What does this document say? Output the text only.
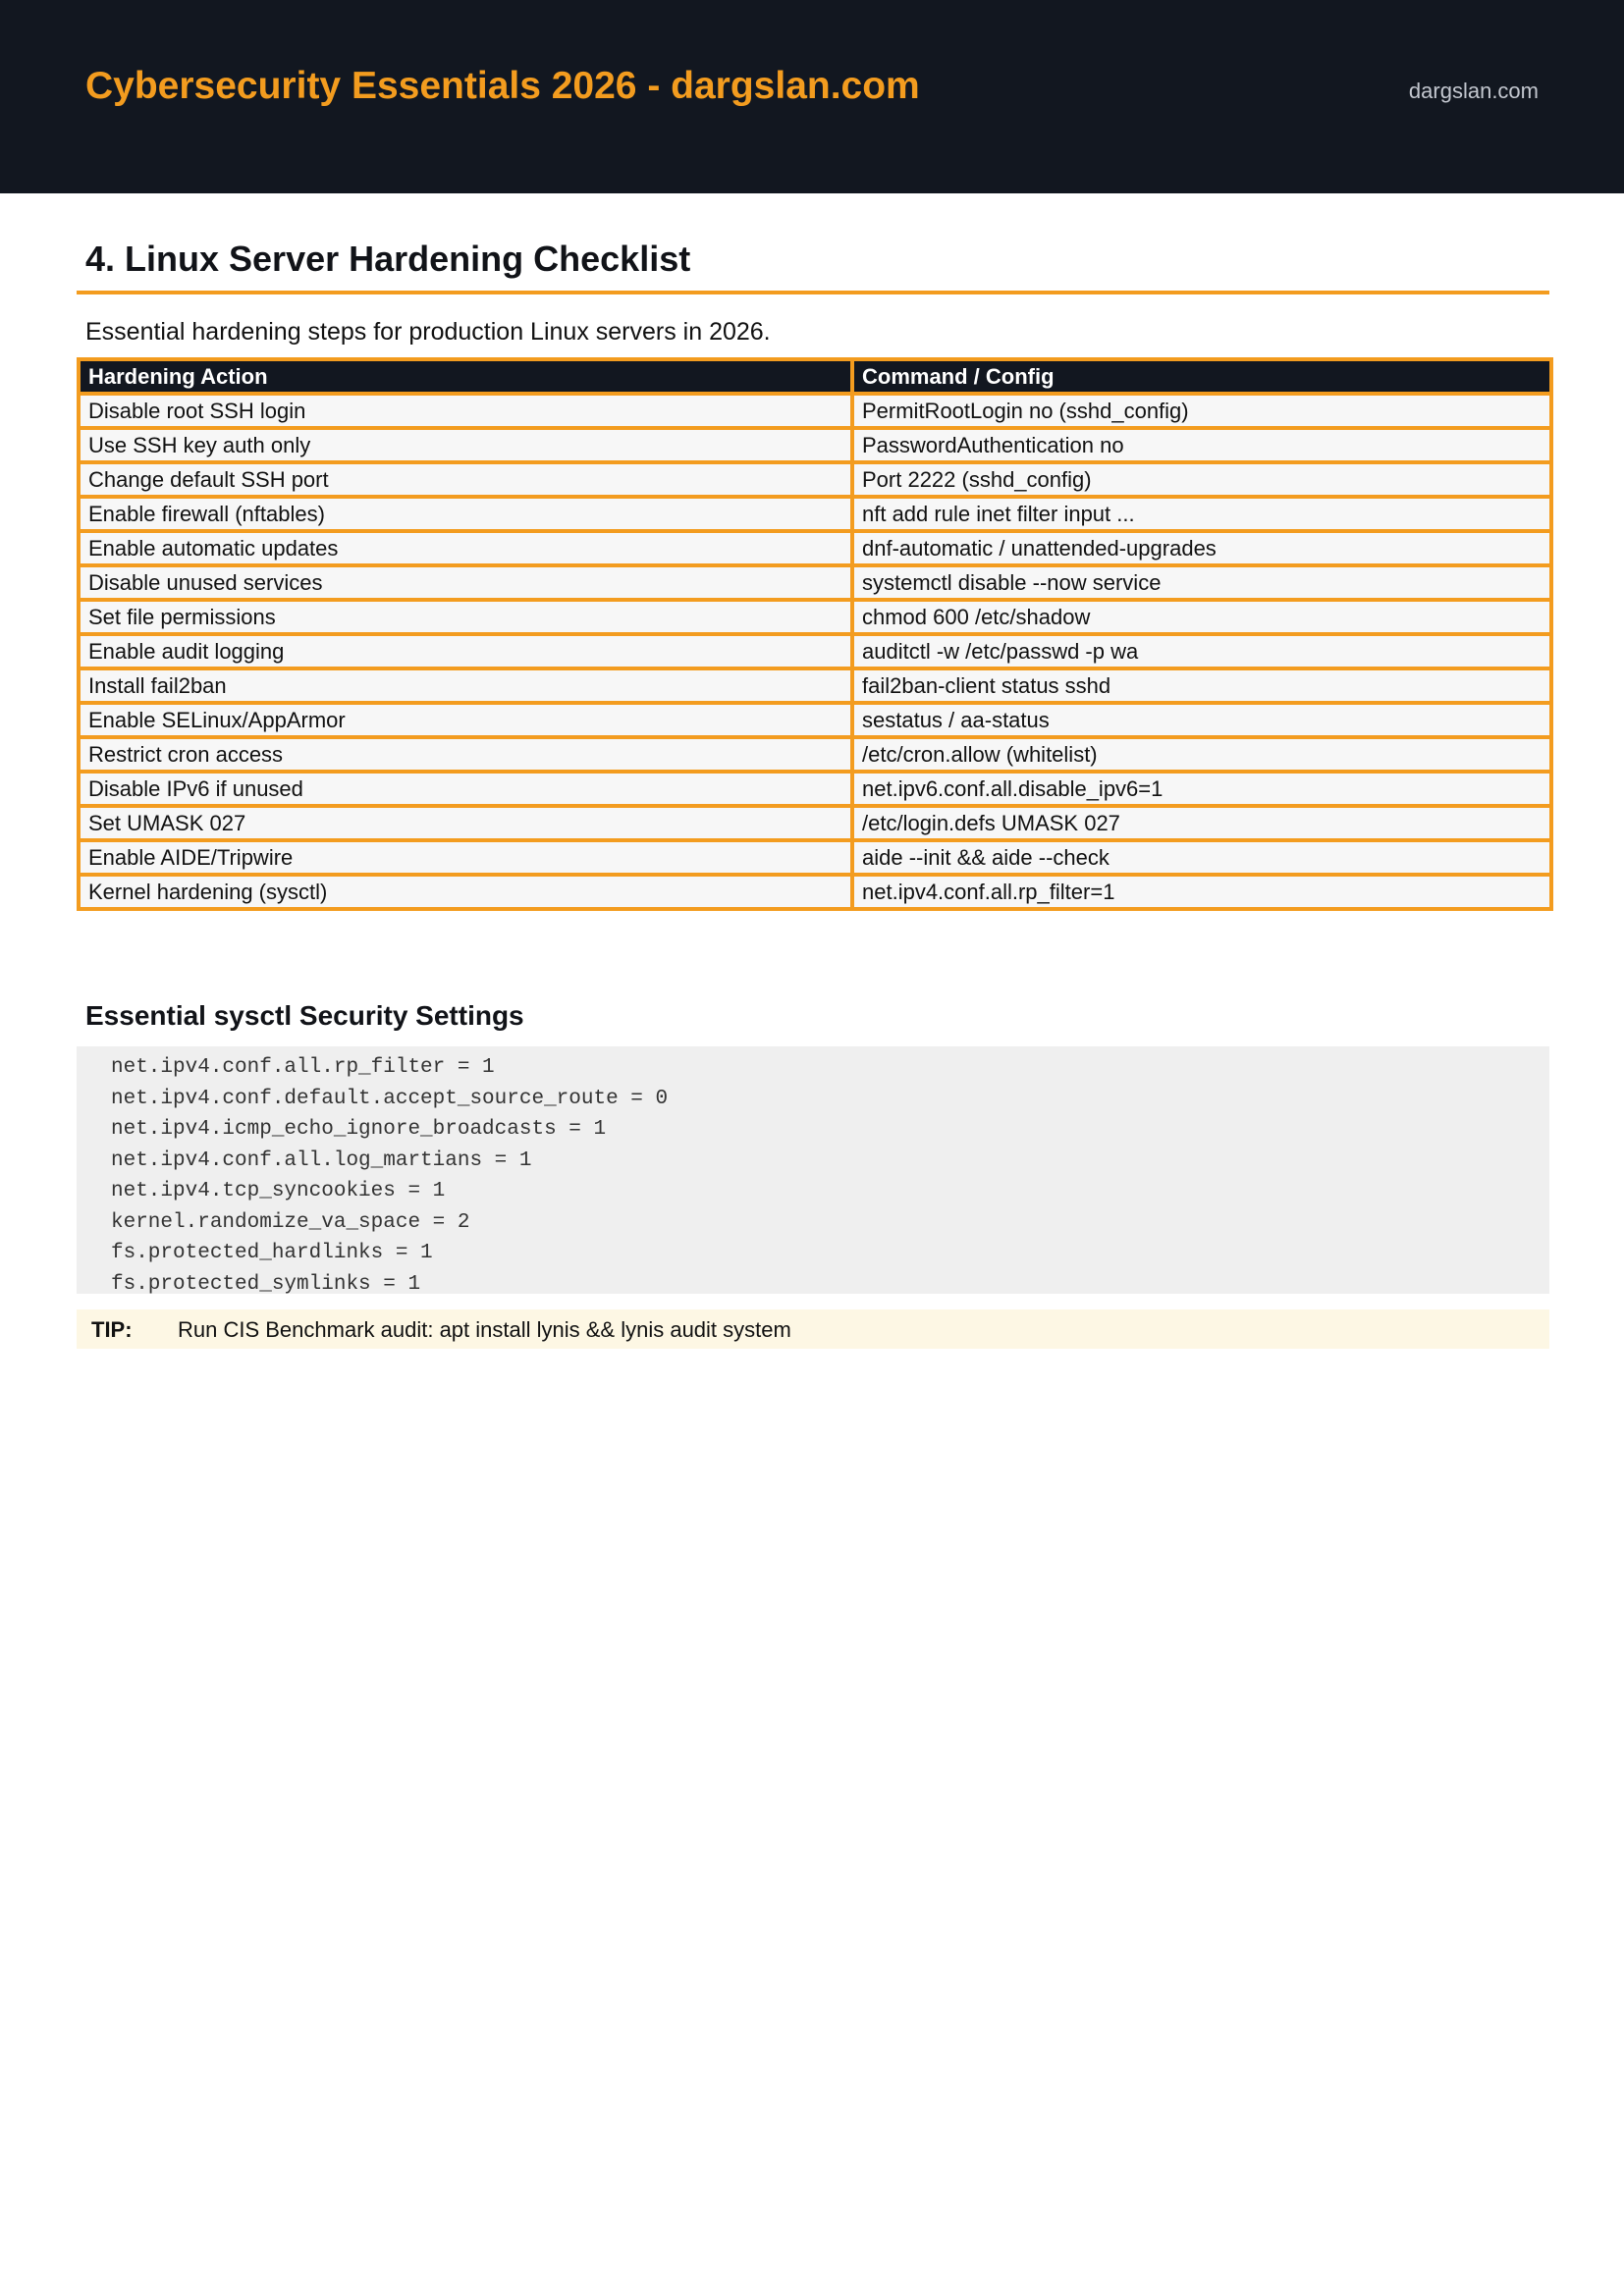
Cybersecurity Essentials 2026 - dargslan.com	dargslan.com
4. Linux Server Hardening Checklist
Essential hardening steps for production Linux servers in 2026.
Hardening Action	Command / Config
Disable root SSH login	PermitRootLogin no (sshd_config)
Use SSH key auth only	PasswordAuthentication no
Change default SSH port	Port 2222 (sshd_config)
Enable firewall (nftables)	nft add rule inet filter input ...
Enable automatic updates	dnf-automatic / unattended-upgrades
Disable unused services	systemctl disable --now service
Set file permissions	chmod 600 /etc/shadow
Enable audit logging	auditctl -w /etc/passwd -p wa
Install fail2ban	fail2ban-client status sshd
Enable SELinux/AppArmor	sestatus / aa-status
Restrict cron access	/etc/cron.allow (whitelist)
Disable IPv6 if unused	net.ipv6.conf.all.disable_ipv6=1
Set UMASK 027	/etc/login.defs UMASK 027
Enable AIDE/Tripwire	aide --init && aide --check
Kernel hardening (sysctl)	net.ipv4.conf.all.rp_filter=1
Essential sysctl Security Settings
net.ipv4.conf.all.rp_filter = 1
net.ipv4.conf.default.accept_source_route = 0
net.ipv4.icmp_echo_ignore_broadcasts = 1
net.ipv4.conf.all.log_martians = 1
net.ipv4.tcp_syncookies = 1
kernel.randomize_va_space = 2
fs.protected_hardlinks = 1
fs.protected_symlinks = 1
TIP: Run CIS Benchmark audit: apt install lynis && lynis audit system
